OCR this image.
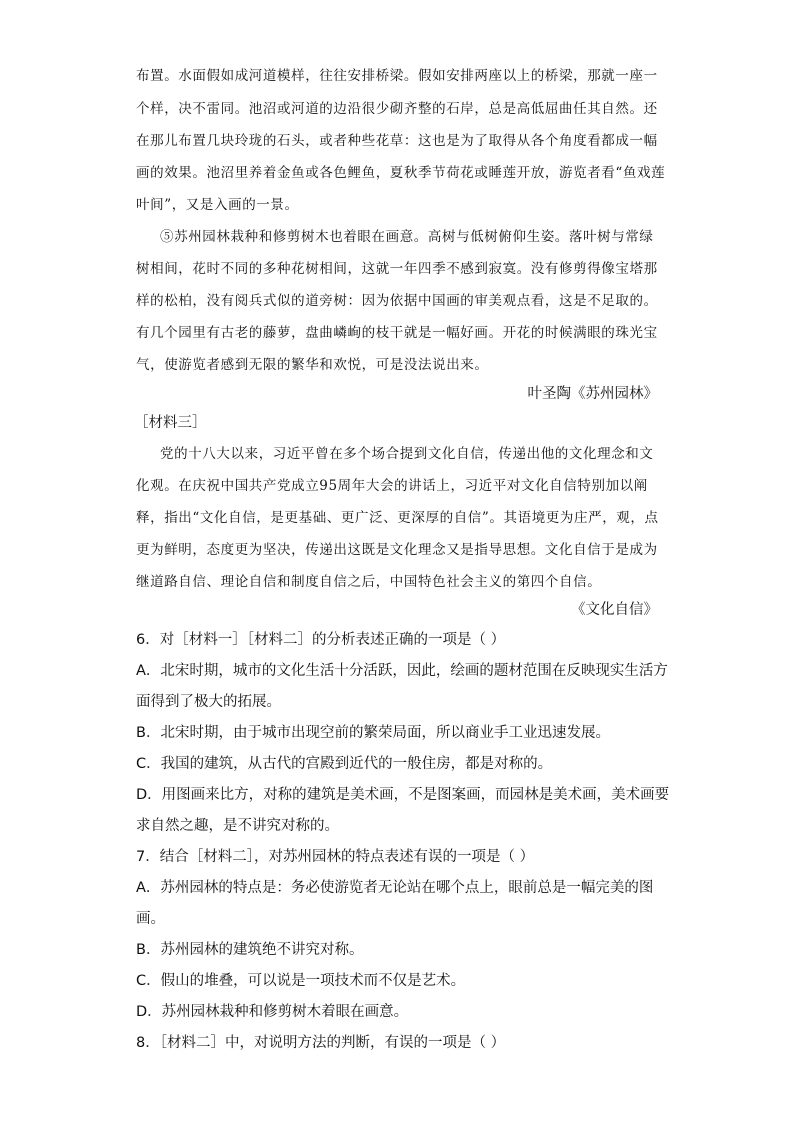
布置。水面假如成河道模样，往往安排桥梁。假如安排两座以上的桥梁，那就一座一
个样，决不雷同。池沼或河道的边沿很少砌齐整的石岸，总是高低屈曲任其自然。还
在那儿布置几块玲珑的石头，或者种些花草：这也是为了取得从各个角度看都成一幅
画的效果。池沼里养着金鱼或各色鲤鱼，夏秋季节荷花或睡莲开放，游览者看“鱼戏莲
叶间”，又是入画的一景。
⑤苏州园林栽种和修剪树木也着眼在画意。高树与低树俯仰生姿。落叶树与常绿
树相间，花时不同的多种花树相间，这就一年四季不感到寂寞。没有修剪得像宝塔那
样的松柏，没有阅兵式似的道旁树：因为依据中国画的审美观点看，这是不足取的。
有几个园里有古老的藤萝，盘曲嶙峋的枝干就是一幅好画。开花的时候满眼的珠光宝
气，使游览者感到无限的繁华和欢悦，可是没法说出来。
叶圣陶《苏州园林》
［材料三］
党的十八大以来，习近平曾在多个场合提到文化自信，传递出他的文化理念和文
化观。在庆祝中国共产党成立95周年大会的讲话上，习近平对文化自信特别加以阐
释，指出“文化自信，是更基础、更广泛、更深厚的自信”。其语境更为庄严，观，点
更为鲜明，态度更为坚决，传递出这既是文化理念又是指导思想。文化自信于是成为
继道路自信、理论自信和制度自信之后，中国特色社会主义的第四个自信。
《文化自信》
6．对［材料一］［材料二］的分析表述正确的一项是（ ）
A．北宋时期，城市的文化生活十分活跃，因此，绘画的题材范围在反映现实生活方
面得到了极大的拓展。
B．北宋时期，由于城市出现空前的繁荣局面，所以商业手工业迅速发展。
C．我国的建筑，从古代的宫殿到近代的一般住房，都是对称的。
D．用图画来比方，对称的建筑是美术画，不是图案画，而园林是美术画，美术画要
求自然之趣，是不讲究对称的。
7．结合［材料二］，对苏州园林的特点表述有误的一项是（ ）
A．苏州园林的特点是：务必使游览者无论站在哪个点上，眼前总是一幅完美的图
画。
B．苏州园林的建筑绝不讲究对称。
C．假山的堆叠，可以说是一项技术而不仅是艺术。
D．苏州园林栽种和修剪树木着眼在画意。
8．［材料二］中，对说明方法的判断，有误的一项是（ ）
